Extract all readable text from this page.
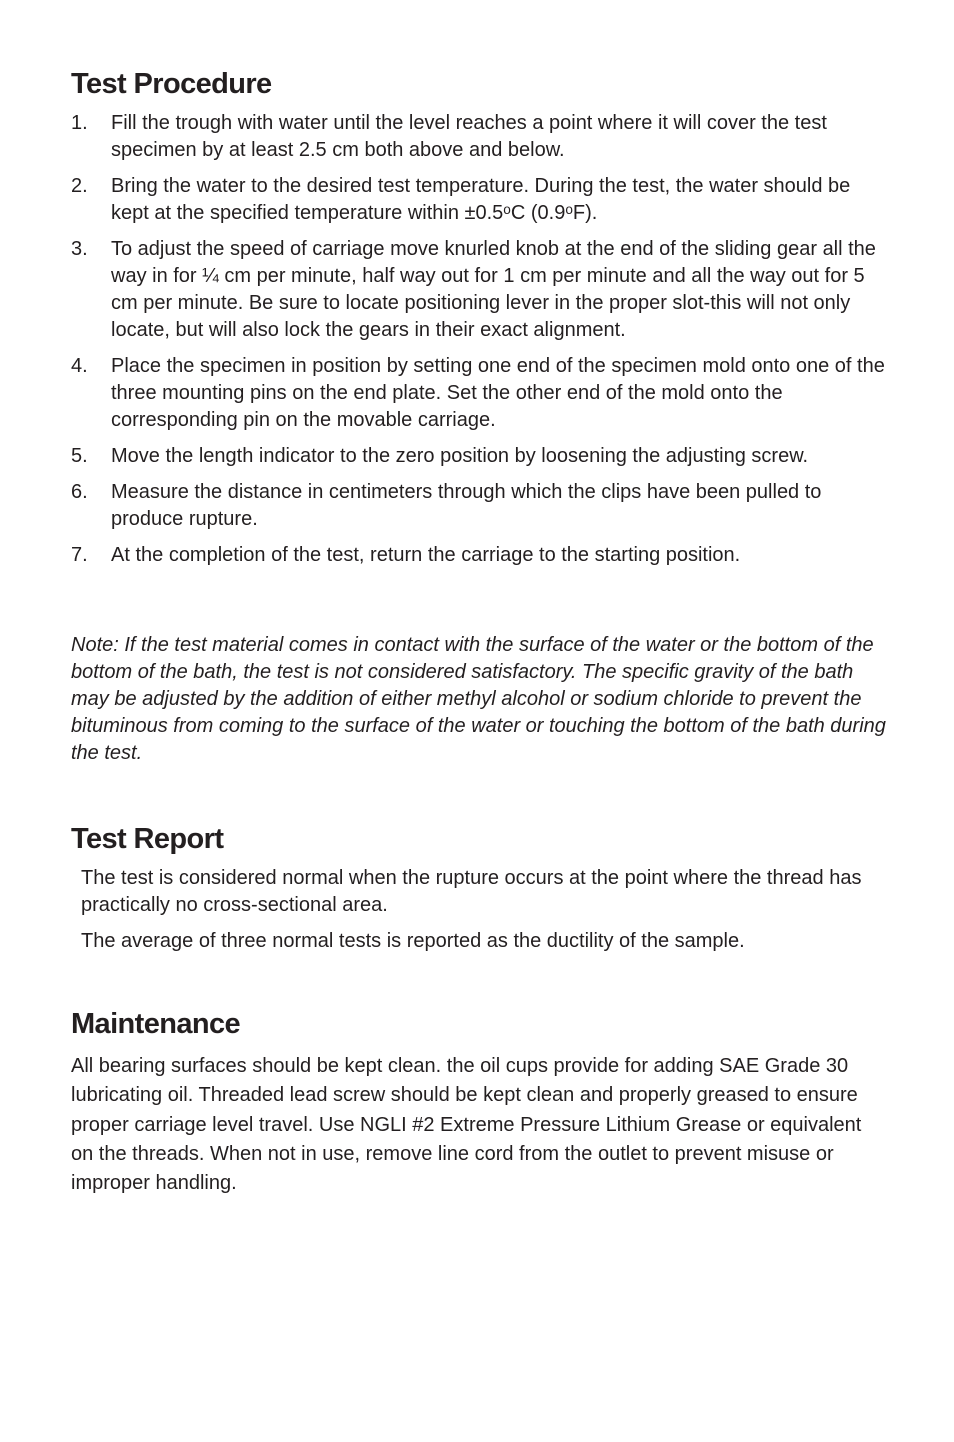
Test Procedure
1.	Fill the trough with water until the level reaches a point where it will cover the test specimen by at least 2.5 cm both above and below.
2.	Bring the water to the desired test temperature. During the test, the water should be kept at the specified temperature within ±0.5ᵒC (0.9ᵒF).
3.	To adjust the speed of carriage move knurled knob at the end of the sliding gear all the way in for ¼ cm per minute, half way out for 1 cm per minute and all the way out for 5 cm per minute. Be sure to locate positioning lever in the proper slot-this will not only locate, but will also lock the gears in their exact alignment.
4.	Place the specimen in position by setting one end of the specimen mold onto one of the three mounting pins on the end plate. Set the other end of the mold onto the corresponding pin on the movable carriage.
5.	Move the length indicator to the zero position by loosening the adjusting screw.
6.	Measure the distance in centimeters through which the clips have been pulled to produce rupture.
7.	At the completion of the test, return the carriage to the starting position.

Note: If the test material comes in contact with the surface of the water or the bottom of the bottom of the bath, the test is not considered satisfactory. The specific gravity of the bath may be adjusted by the addition of either methyl alcohol or sodium chloride to prevent the bituminous from coming to the surface of the water or touching the bottom of the bath during the test.

Test Report

The test is considered normal when the rupture occurs at the point where the thread has practically no cross-sectional area.

The average of three normal tests is reported as the ductility of the sample.

Maintenance

All bearing surfaces should be kept clean. the oil cups provide for adding SAE Grade 30 lubricating oil. Threaded lead screw should be kept clean and properly greased to ensure proper carriage level travel. Use NGLI #2 Extreme Pressure Lithium Grease or equivalent on the threads. When not in use, remove line cord from the outlet to prevent misuse or improper handling.
